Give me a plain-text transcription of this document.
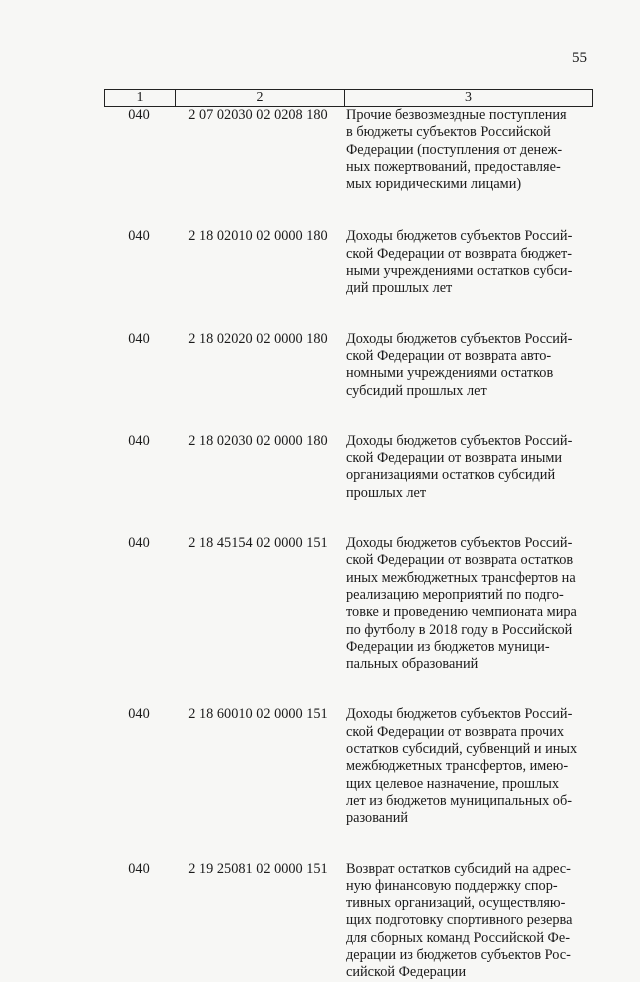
55
1	2	3
040	2 07 02030 02 0208 180	Прочие безвозмездные поступления
в бюджеты субъектов Российской
Федерации (поступления от денеж-
ных пожертвований, предоставляе-
мых юридическими лицами)
040	2 18 02010 02 0000 180	Доходы бюджетов субъектов Россий-
ской Федерации от возврата бюджет-
ными учреждениями остатков субси-
дий прошлых лет
040	2 18 02020 02 0000 180	Доходы бюджетов субъектов Россий-
ской Федерации от возврата авто-
номными учреждениями остатков
субсидий прошлых лет
040	2 18 02030 02 0000 180	Доходы бюджетов субъектов Россий-
ской Федерации от возврата иными
организациями остатков субсидий
прошлых лет
040	2 18 45154 02 0000 151	Доходы бюджетов субъектов Россий-
ской Федерации от возврата остатков
иных межбюджетных трансфертов на
реализацию мероприятий по подго-
товке и проведению чемпионата мира
по футболу в 2018 году в Российской
Федерации из бюджетов муници-
пальных образований
040	2 18 60010 02 0000 151	Доходы бюджетов субъектов Россий-
ской Федерации от возврата прочих
остатков субсидий, субвенций и иных
межбюджетных трансфертов, имею-
щих целевое назначение, прошлых
лет из бюджетов муниципальных об-
разований
040	2 19 25081 02 0000 151	Возврат остатков субсидий на адрес-
ную финансовую поддержку спор-
тивных организаций, осуществляю-
щих подготовку спортивного резерва
для сборных команд Российской Фе-
дерации из бюджетов субъектов Рос-
сийской Федерации
